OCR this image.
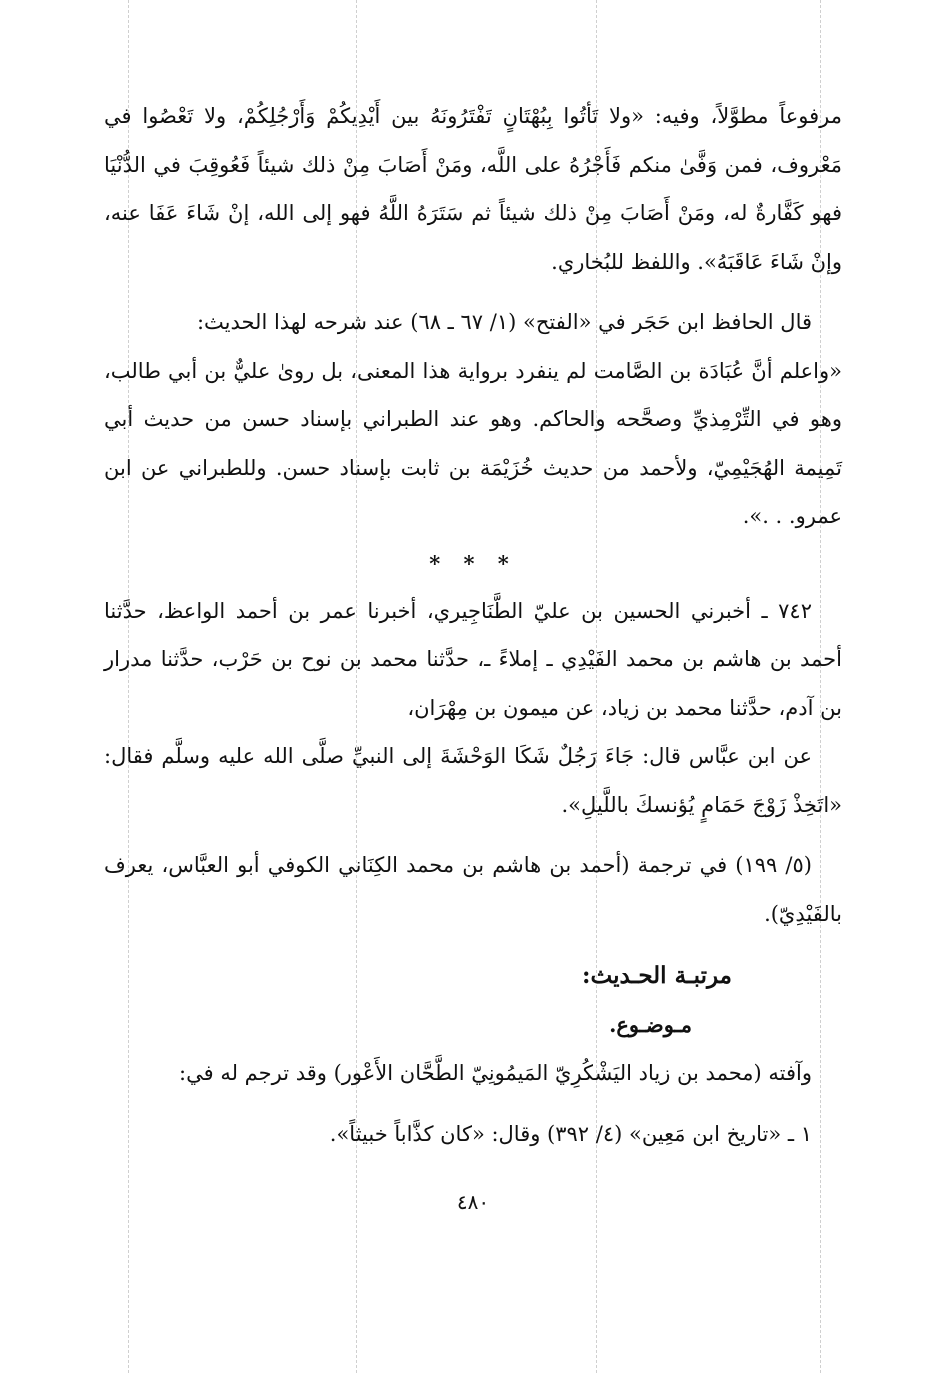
مرفوعاً مطوَّلاً، وفيه: «ولا تَأتُوا بِبُهْتَانٍ تَفْتَرُونَهُ بين أَيْدِيكُمْ وَأَرْجُلِكُمْ، ولا تَعْصُوا في مَعْروف، فمن وَفَّىٰ منكم فَأَجْرُهُ على اللَّه، ومَنْ أَصَابَ مِنْ ذلك شيئاً فَعُوقِبَ في الدُّنْيَا فهو كَفَّارةٌ له، ومَنْ أَصَابَ مِنْ ذلك شيئاً ثم سَتَرَهُ اللَّهُ فهو إلى الله، إنْ شَاءَ عَفَا عنه، وإنْ شَاءَ عَاقَبَهُ». واللفظ للبُخاري.

قال الحافظ ابن حَجَر في «الفتح» (١/ ٦٧ ـ ٦٨) عند شرحه لهذا الحديث:

«واعلم أنَّ عُبَادَة بن الصَّامت لم ينفرد برواية هذا المعنى، بل روىٰ عليٌّ بن أبي طالب، وهو في التِّرْمِذيِّ وصحَّحه والحاكم. وهو عند الطبراني بإسناد حسن من حديث أبي تَمِيمة الهُجَيْمِيّ، ولأحمد من حديث خُزَيْمَة بن ثابت بإسناد حسن. وللطبراني عن ابن عمرو. . .».

* * *

٧٤٢ ـ أخبرني الحسين بن عليّ الطَّنَاجِيري، أخبرنا عمر بن أحمد الواعظ، حدَّثنا أحمد بن هاشم بن محمد الفَيْدِي ـ إملاءً ـ، حدَّثنا محمد بن نوح بن حَرْب، حدَّثنا مدرار بن آدم، حدَّثنا محمد بن زياد، عن ميمون بن مِهْرَان،

عن ابن عبَّاس قال: جَاءَ رَجُلٌ شَكَا الوَحْشَةَ إلى النبيِّ صلَّى الله عليه وسلَّم فقال: «اتَخِذْ زَوْجَ حَمَامٍ يُؤنسكَ باللَّيلِ».

(٥/ ١٩٩) في ترجمة (أحمد بن هاشم بن محمد الكِنَاني الكوفي أبو العبَّاس، يعرف بالفَيْدِيّ).

مرتبـة الحـديث:

مـوضـوع.

وآفته (محمد بن زياد اليَشْكُرِيّ المَيمُونِيّ الطَّحَّان الأَعْور) وقد ترجم له في:

١ ـ «تاريخ ابن مَعِين» (٤/ ٣٩٢) وقال: «كان كذَّاباً خبيثاً».

٤٨٠
